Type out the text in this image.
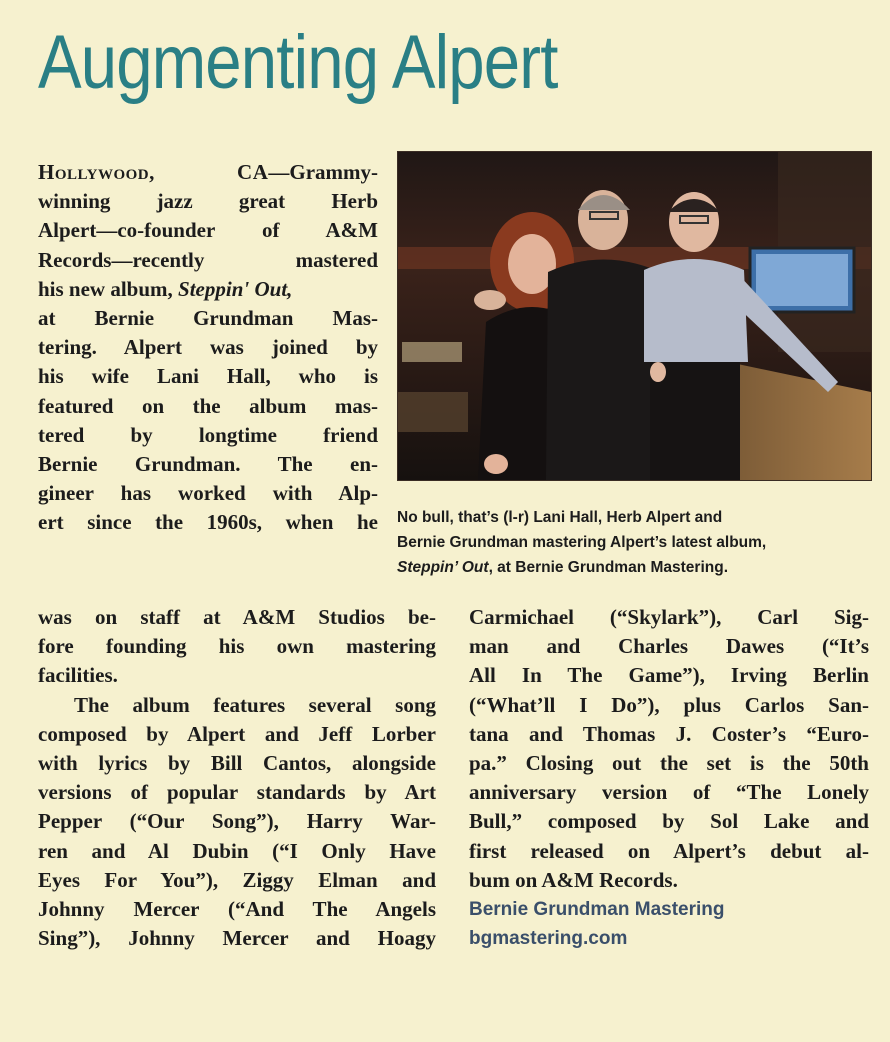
Augmenting Alpert
Hollywood, CA—Grammy-
winning jazz great Herb
Alpert—co-founder of A&M
Records—recently mastered
his new album, Steppin' Out,
at Bernie Grundman Mas-
tering. Alpert was joined by
his wife Lani Hall, who is
featured on the album mas-
tered by longtime friend
Bernie Grundman. The en-
gineer has worked with Alp-
ert since the 1960s, when he No bull, that’s (l-r) Lani Hall, Herb Alpert and
Bernie Grundman mastering Alpert’s latest album,
Steppin’ Out, at Bernie Grundman Mastering.
was on staff at A&M Studios be-
fore founding his own mastering
facilities.
The album features several song
composed by Alpert and Jeff Lorber
with lyrics by Bill Cantos, alongside
versions of popular standards by Art
Pepper (“Our Song”), Harry War-
ren and Al Dubin (“I Only Have
Eyes For You”), Ziggy Elman and
Johnny Mercer (“And The Angels
Sing”), Johnny Mercer and Hoagy
Carmichael (“Skylark”), Carl Sig-
man and Charles Dawes (“It’s
All In The Game”), Irving Berlin
(“What’ll I Do”), plus Carlos San-
tana and Thomas J. Coster’s “Euro-
pa.” Closing out the set is the 50th
anniversary version of “The Lonely
Bull,” composed by Sol Lake and
first released on Alpert’s debut al-
bum on A&M Records.
Bernie Grundman Mastering
bgmastering.com
